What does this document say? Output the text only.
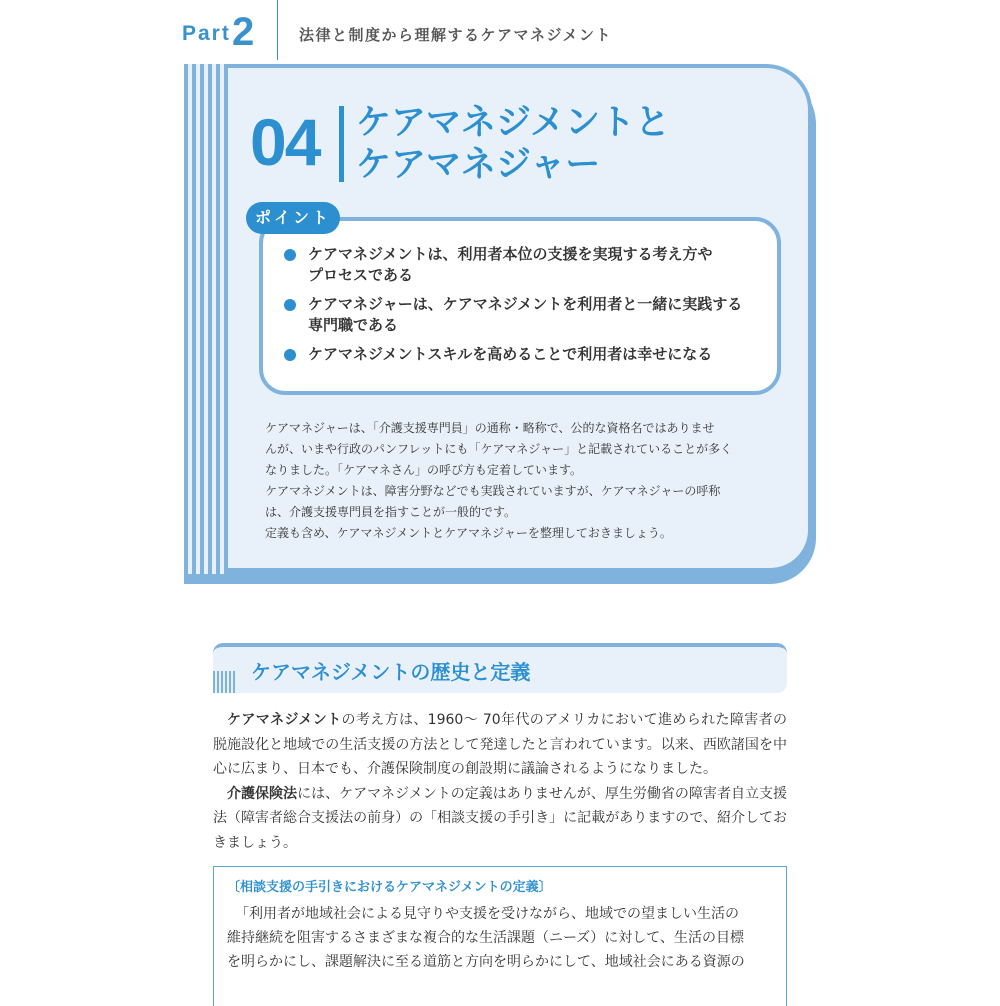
Part 2	法律と制度から理解するケアマネジメント
04 ケアマネジメントと
ケアマネジャー
ポイント
ケアマネジメントは、利用者本位の支援を実現する考え方や
プロセスである
ケアマネジャーは、ケアマネジメントを利用者と一緒に実践する
専門職である
ケアマネジメントスキルを高めることで利用者は幸せになる

ケアマネジャーは、「介護支援専門員」の通称・略称で、公的な資格名ではありませ

んが、いまや行政のパンフレットにも「ケアマネジャー」と記載されていることが多く

なりました。「ケアマネさん」の呼び方も定着しています。

ケアマネジメントは、障害分野などでも実践されていますが、ケアマネジャーの呼称

は、介護支援専門員を指すことが一般的です。

定義も含め、ケアマネジメントとケアマネジャーを整理しておきましょう。

ケアマネジメントの歴史と定義

ケアマネジメントの考え方は、1960～ 70年代のアメリカにおいて進められた障害者の脱施設化と地域での生活支援の方法として発達したと言われています。以来、西欧諸国を中心に広まり、日本でも、介護保険制度の創設期に議論されるようになりました。

介護保険法には、ケアマネジメントの定義はありませんが、厚生労働省の障害者自立支援法（障害者総合支援法の前身）の「相談支援の手引き」に記載がありますので、紹介しておきましょう。

〔相談支援の手引きにおけるケアマネジメントの定義〕

「利用者が地域社会による見守りや支援を受けながら、地域での望ましい生活の

維持継続を阻害するさまざまな複合的な生活課題（ニーズ）に対して、生活の目標

を明らかにし、課題解決に至る道筋と方向を明らかにして、地域社会にある資源の
